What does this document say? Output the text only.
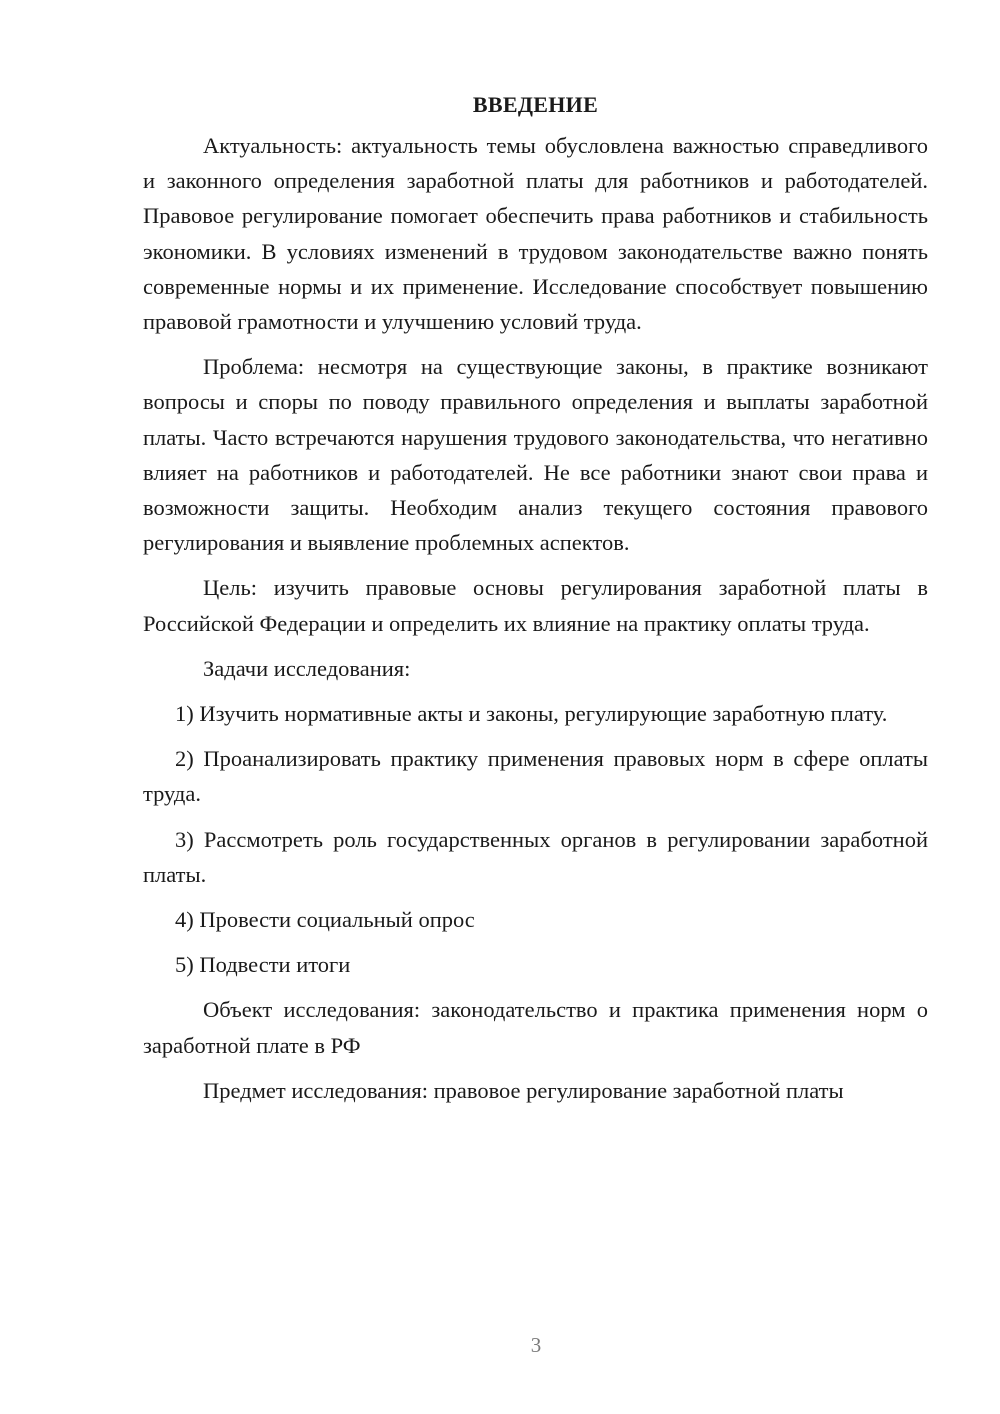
ВВЕДЕНИЕ

Актуальность: актуальность темы обусловлена важностью справедливого и законного определения заработной платы для работников и работодателей. Правовое регулирование помогает обеспечить права работников и стабильность экономики. В условиях изменений в трудовом законодательстве важно понять современные нормы и их применение. Исследование способствует повышению правовой грамотности и улучшению условий труда.

Проблема: несмотря на существующие законы, в практике возникают вопросы и споры по поводу правильного определения и выплаты заработной платы. Часто встречаются нарушения трудового законодательства, что негативно влияет на работников и работодателей. Не все работники знают свои права и возможности защиты. Необходим анализ текущего состояния правового регулирования и выявление проблемных аспектов.

Цель: изучить правовые основы регулирования заработной платы в Российской Федерации и определить их влияние на практику оплаты труда.

Задачи исследования:

1) Изучить нормативные акты и законы, регулирующие заработную плату.

2) Проанализировать практику применения правовых норм в сфере оплаты труда.

3) Рассмотреть роль государственных органов в регулировании заработной платы.

4) Провести социальный опрос

5) Подвести итоги

Объект исследования: законодательство и практика применения норм о заработной плате в РФ

Предмет исследования: правовое регулирование заработной платы

3
